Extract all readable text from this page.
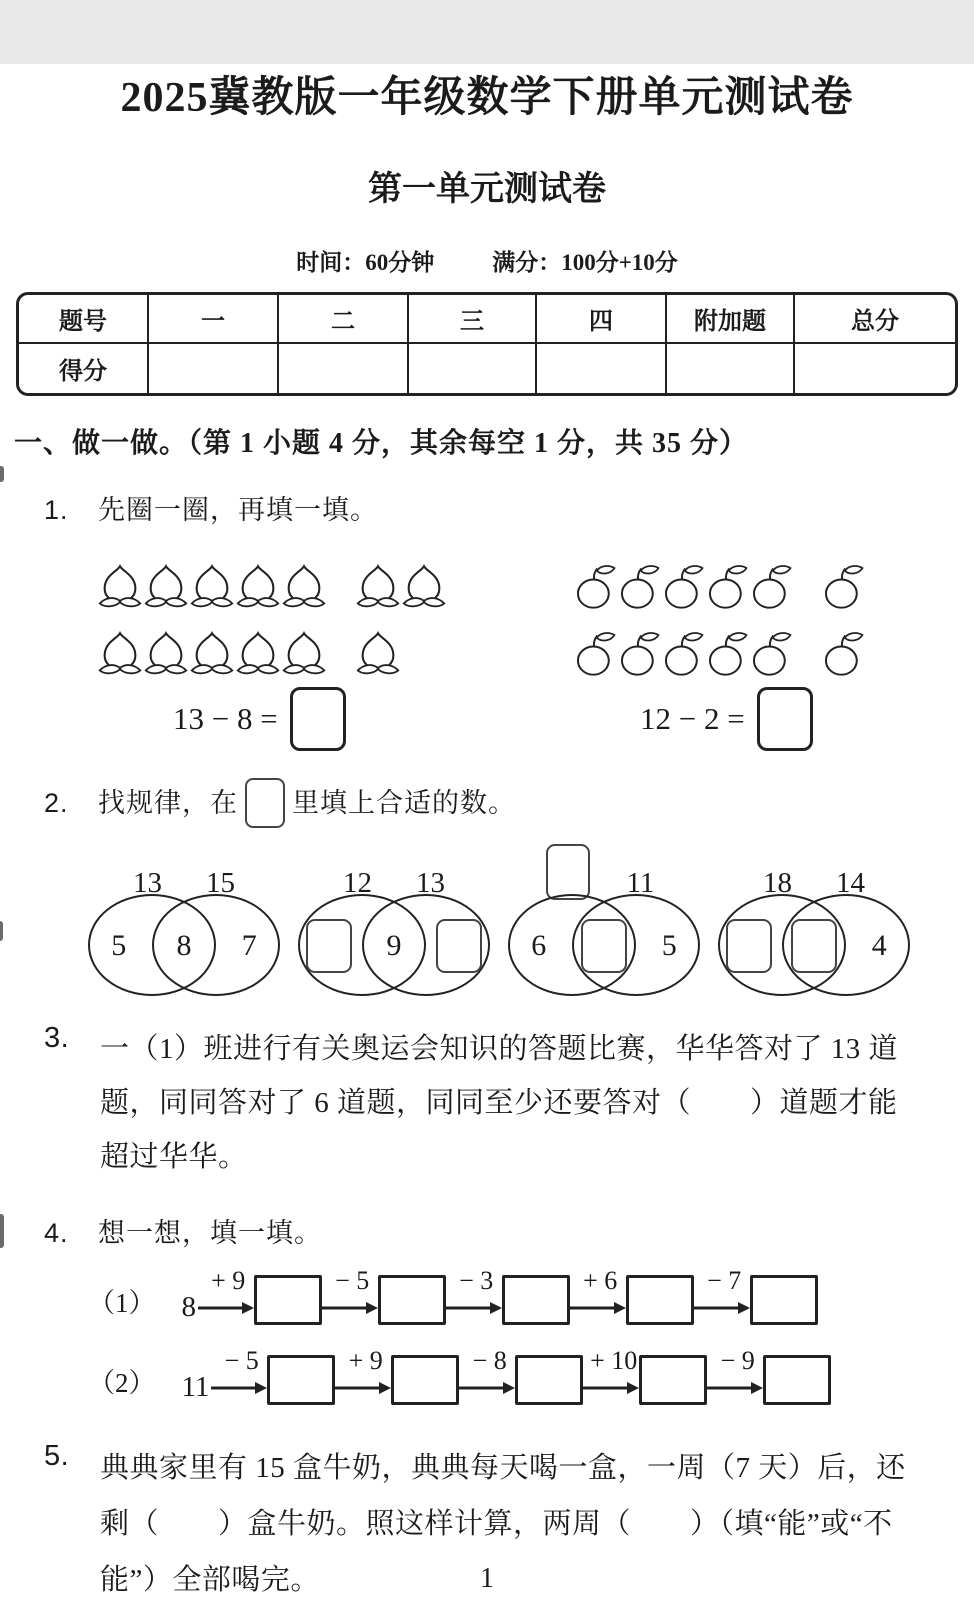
2025冀教版一年级数学下册单元测试卷
第一单元测试卷
时间：60分钟	满分：100分+10分
题号	一	二	三	四	附加题	总分
得分
一、做一做。（第 1 小题 4 分，其余每空 1 分，共 35 分）
1. 先圈一圈，再填一填。
13 − 8 =	12 − 2 =
2. 找规律，在 里填上合适的数。
13 15
5 8 7
12 13
9
11
6	5
18 14
4
3. 一（1）班进行有关奥运会知识的答题比赛，华华答对了 13 道
题，同同答对了 6 道题，同同至少还要答对（　　）道题才能
超过华华。
4. 想一想，填一填。
（1） 8
+ 9	− 5	− 3	+ 6	− 7
（2） 11
− 5	+ 9	− 8	+ 10	− 9
5. 典典家里有 15 盒牛奶，典典每天喝一盒，一周（7 天）后，还
剩（　　）盒牛奶。照这样计算，两周（　　）（填“能”或“不
能”）全部喝完。	1
